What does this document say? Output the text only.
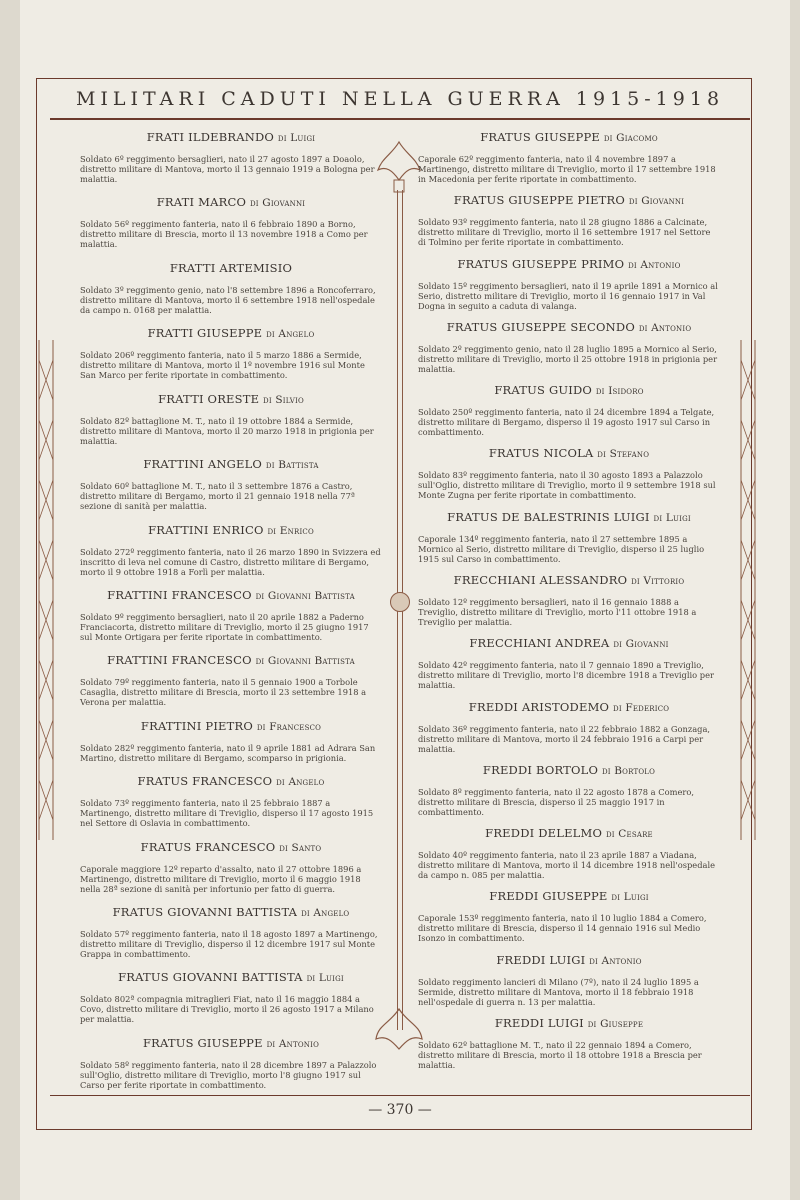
MILITARI CADUTI NELLA GUERRA 1915-1918
FRATI ILDEBRANDO di Luigi
Soldato 6º reggimento bersaglieri, nato il 27 agosto 1897 a Doaolo, distretto militare di Mantova, morto il 13 gennaio 1919 a Bologna per malattia.
FRATI MARCO di Giovanni
Soldato 56º reggimento fanteria, nato il 6 febbraio 1890 a Borno, distretto militare di Brescia, morto il 13 novembre 1918 a Como per malattia.
FRATTI ARTEMISIO
Soldato 3º reggimento genio, nato l'8 settembre 1896 a Roncoferraro, distretto militare di Mantova, morto il 6 settembre 1918 nell'ospedale da campo n. 0168 per malattia.
FRATTI GIUSEPPE di Angelo
Soldato 206º reggimento fanteria, nato il 5 marzo 1886 a Sermide, distretto militare di Mantova, morto il 1º novembre 1916 sul Monte San Marco per ferite riportate in combattimento.
FRATTI ORESTE di Silvio
Soldato 82º battaglione M. T., nato il 19 ottobre 1884 a Sermide, distretto militare di Mantova, morto il 20 marzo 1918 in prigionia per malattia.
FRATTINI ANGELO di Battista
Soldato 60º battaglione M. T., nato il 3 settembre 1876 a Castro, distretto militare di Bergamo, morto il 21 gennaio 1918 nella 77ª sezione di sanità per malattia.
FRATTINI ENRICO di Enrico
Soldato 272º reggimento fanteria, nato il 26 marzo 1890 in Svizzera ed inscritto di leva nel comune di Castro, distretto militare di Bergamo, morto il 9 ottobre 1918 a Forlì per malattia.
FRATTINI FRANCESCO di Giovanni Battista
Soldato 9º reggimento bersaglieri, nato il 20 aprile 1882 a Paderno Franciacorta, distretto militare di Treviglio, morto il 25 giugno 1917 sul Monte Ortigara per ferite riportate in combattimento.
FRATTINI FRANCESCO di Giovanni Battista
Soldato 79º reggimento fanteria, nato il 5 gennaio 1900 a Torbole Casaglia, distretto militare di Brescia, morto il 23 settembre 1918 a Verona per malattia.
FRATTINI PIETRO di Francesco
Soldato 282º reggimento fanteria, nato il 9 aprile 1881 ad Adrara San Martino, distretto militare di Bergamo, scomparso in prigionia.
FRATUS FRANCESCO di Angelo
Soldato 73º reggimento fanteria, nato il 25 febbraio 1887 a Martinengo, distretto militare di Treviglio, disperso il 17 agosto 1915 nel Settore di Oslavia in combattimento.
FRATUS FRANCESCO di Santo
Caporale maggiore 12º reparto d'assalto, nato il 27 ottobre 1896 a Martinengo, distretto militare di Treviglio, morto il 6 maggio 1918 nella 28ª sezione di sanità per infortunio per fatto di guerra.
FRATUS GIOVANNI BATTISTA di Angelo
Soldato 57º reggimento fanteria, nato il 18 agosto 1897 a Martinengo, distretto militare di Treviglio, disperso il 12 dicembre 1917 sul Monte Grappa in combattimento.
FRATUS GIOVANNI BATTISTA di Luigi
Soldato 802ª compagnia mitraglieri Fiat, nato il 16 maggio 1884 a Covo, distretto militare di Treviglio, morto il 26 agosto 1917 a Milano per malattia.
FRATUS GIUSEPPE di Antonio
Soldato 58º reggimento fanteria, nato il 28 dicembre 1897 a Palazzolo sull'Oglio, distretto militare di Treviglio, morto l'8 giugno 1917 sul Carso per ferite riportate in combattimento.
FRATUS GIUSEPPE di Giacomo
Caporale 62º reggimento fanteria, nato il 4 novembre 1897 a Martinengo, distretto militare di Treviglio, morto il 17 settembre 1918 in Macedonia per ferite riportate in combattimento.
FRATUS GIUSEPPE PIETRO di Giovanni
Soldato 93º reggimento fanteria, nato il 28 giugno 1886 a Calcinate, distretto militare di Treviglio, morto il 16 settembre 1917 nel Settore di Tolmino per ferite riportate in combattimento.
FRATUS GIUSEPPE PRIMO di Antonio
Soldato 15º reggimento bersaglieri, nato il 19 aprile 1891 a Mornico al Serio, distretto militare di Treviglio, morto il 16 gennaio 1917 in Val Dogna in seguito a caduta di valanga.
FRATUS GIUSEPPE SECONDO di Antonio
Soldato 2º reggimento genio, nato il 28 luglio 1895 a Mornico al Serio, distretto militare di Treviglio, morto il 25 ottobre 1918 in prigionia per malattia.
FRATUS GUIDO di Isidoro
Soldato 250º reggimento fanteria, nato il 24 dicembre 1894 a Telgate, distretto militare di Bergamo, disperso il 19 agosto 1917 sul Carso in combattimento.
FRATUS NICOLA di Stefano
Soldato 83º reggimento fanteria, nato il 30 agosto 1893 a Palazzolo sull'Oglio, distretto militare di Treviglio, morto il 9 settembre 1918 sul Monte Zugna per ferite riportate in combattimento.
FRATUS DE BALESTRINIS LUIGI di Luigi
Caporale 134º reggimento fanteria, nato il 27 settembre 1895 a Mornico al Serio, distretto militare di Treviglio, disperso il 25 luglio 1915 sul Carso in combattimento.
FRECCHIANI ALESSANDRO di Vittorio
Soldato 12º reggimento bersaglieri, nato il 16 gennaio 1888 a Treviglio, distretto militare di Treviglio, morto l'11 ottobre 1918 a Treviglio per malattia.
FRECCHIANI ANDREA di Giovanni
Soldato 42º reggimento fanteria, nato il 7 gennaio 1890 a Treviglio, distretto militare di Treviglio, morto l'8 dicembre 1918 a Treviglio per malattia.
FREDDI ARISTODEMO di Federico
Soldato 36º reggimento fanteria, nato il 22 febbraio 1882 a Gonzaga, distretto militare di Mantova, morto il 24 febbraio 1916 a Carpi per malattia.
FREDDI BORTOLO di Bortolo
Soldato 8º reggimento fanteria, nato il 22 agosto 1878 a Comero, distretto militare di Brescia, disperso il 25 maggio 1917 in combattimento.
FREDDI DELELMO di Cesare
Soldato 40º reggimento fanteria, nato il 23 aprile 1887 a Viadana, distretto militare di Mantova, morto il 14 dicembre 1918 nell'ospedale da campo n. 085 per malattia.
FREDDI GIUSEPPE di Luigi
Caporale 153º reggimento fanteria, nato il 10 luglio 1884 a Comero, distretto militare di Brescia, disperso il 14 gennaio 1916 sul Medio Isonzo in combattimento.
FREDDI LUIGI di Antonio
Soldato reggimento lancieri di Milano (7º), nato il 24 luglio 1895 a Sermide, distretto militare di Mantova, morto il 18 febbraio 1918 nell'ospedale di guerra n. 13 per malattia.
FREDDI LUIGI di Giuseppe
Soldato 62º battaglione M. T., nato il 22 gennaio 1894 a Comero, distretto militare di Brescia, morto il 18 ottobre 1918 a Brescia per malattia.
— 370 —
